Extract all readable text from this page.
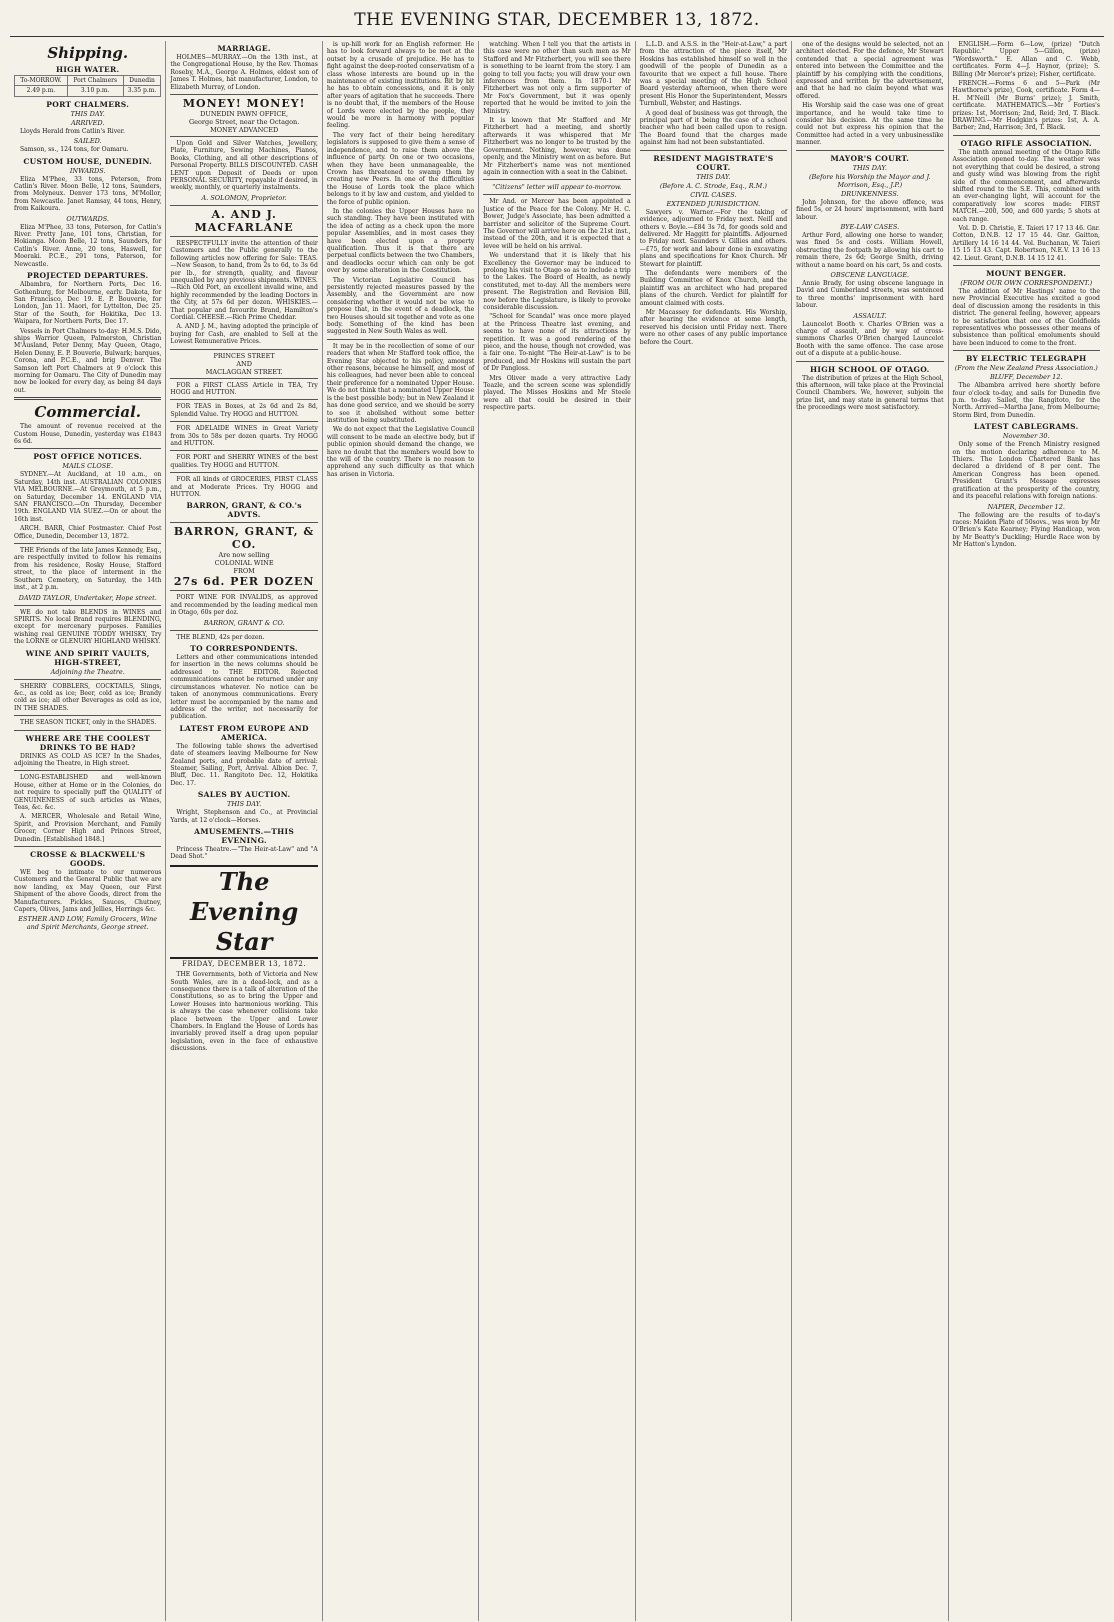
THE EVENING STAR, DECEMBER 13, 1872.
Shipping.
HIGH WATER.
To-MORROW.	Port Chalmers	Dunedin
2.49 p.m.	3.10 p.m.	3.35 p.m.
PORT CHALMERS.
THIS DAY.
ARRIVED.

Lloyds Herald from Catlin's River.

SAILED.

Samson, ss., 124 tons, for Oamaru.

CUSTOM HOUSE, DUNEDIN.
INWARDS.

Eliza M'Phee, 33 tons, Peterson, from Catlin's River. Moon Belle, 12 tons, Saunders, from Molyneux. Denver 173 tons, M'Mollor, from Newcastle. Janet Ramsay, 44 tons, Henry, from Kaikoura.

OUTWARDS.

Eliza M'Phee, 33 tons, Peterson, for Catlin's River. Pretty Jane, 101 tons, Christian, for Hokianga. Moon Belle, 12 tons, Saunders, for Catlin's River. Anne, 20 tons, Haswell, for Moeraki. P.C.E., 291 tons, Paterson, for Newcastle.

PROJECTED DEPARTURES.

Albambra, for Northern Ports, Dec 16. Gothenburg, for Melbourne, early. Dakota, for San Francisco, Dec 19. E. P. Bouverie, for London, Jan 11. Maori, for Lyttelton, Dec 25. Star of the South, for Hokitika, Dec 13. Waipara, for Northern Ports, Dec 17.

Vessels in Port Chalmers to-day: H.M.S. Dido, ships Warrior Queen, Palmerston, Christian M'Ausland, Peter Denny, May Queen, Otago, Helen Denny, E. P. Bouverie, Bulwark; barques, Corona, and P.C.E., and brig Denver. The Samson left Port Chalmers at 9 o'clock this morning for Oamaru. The City of Dunedin may now be looked for every day, as being 84 days out.

Commercial.

The amount of revenue received at the Custom House, Dunedin, yesterday was £1843 6s 6d.

POST OFFICE NOTICES.
MAILS CLOSE.

SYDNEY.—At Auckland, at 10 a.m., on Saturday, 14th inst. AUSTRALIAN COLONIES VIA MELBOURNE.—At Greymouth, at 5 p.m., on Saturday, December 14. ENGLAND VIA SAN FRANCISCO.—On Thursday, December 19th. ENGLAND VIA SUEZ.—On or about the 16th inst.

ARCH. BARR, Chief Postmaster. Chief Post Office, Dunedin, December 13, 1872.

THE Friends of the late James Kennedy, Esq., are respectfully invited to follow his remains from his residence, Rosky House, Stafford street, to the place of interment in the Southern Cemetery, on Saturday, the 14th inst., at 2 p.m.

DAVID TAYLOR, Undertaker, Hope street.

WE do not take BLENDS in WINES and SPIRITS. No local Brand requires BLENDING, except for mercenary purposes. Families wishing real GENUINE TODDY WHISKY, Try the LORNE or GLENURY HIGHLAND WHISKY.

WINE AND SPIRIT VAULTS, HIGH-STREET,
Adjoining the Theatre.

SHERRY COBBLERS, COCKTAILS, Slings, &c., as cold as ice; Beer, cold as ice; Brandy cold as ice; all other Beverages as cold as ice, IN THE SHADES.

THE SEASON TICKET, only in the SHADES.

WHERE ARE THE COOLEST DRINKS TO BE HAD?

DRINKS AS COLD AS ICE? In the Shades, adjoining the Theatre, in High street.

LONG-ESTABLISHED and well-known House, either at Home or in the Colonies, do not require to specially puff the QUALITY of GENUINENESS of such articles as Wines, Teas, &c. &c.

A. MERCER, Wholesale and Retail Wine, Spirit, and Provision Merchant, and Family Grocer, Corner High and Princes Street, Dunedin. [Established 1848.]

CROSSE & BLACKWELL'S GOODS.

WE beg to intimate to our numerous Customers and the General Public that we are now landing, ex May Queen, our First Shipment of the above Goods, direct from the Manufacturers. Pickles, Sauces, Chutney, Capers, Olives, Jams and Jellies, Herrings &c.

ESTHER AND LOW, Family Grocers, Wine and Spirit Merchants, George street.
MARRIAGE.

HOLMES—MURRAY.—On the 13th inst., at the Congregational House, by the Rev. Thomas Roseby, M.A., George A. Holmes, eldest son of James T. Holmes, hat manufacturer, London, to Elizabeth Murray, of London.

MONEY! MONEY!
DUNEDIN PAWN OFFICE,
George Street, near the Octagon.
MONEY ADVANCED

Upon Gold and Silver Watches, Jewellery, Plate, Furniture, Sewing Machines, Pianos, Books, Clothing, and all other descriptions of Personal Property. BILLS DISCOUNTED. CASH LENT upon Deposit of Deeds or upon PERSONAL SECURITY, repayable if desired, in weekly, monthly, or quarterly instalments.

A. SOLOMON, Proprietor.
A. AND J. MACFARLANE

RESPECTFULLY invite the attention of their Customers and the Public generally to the following articles now offering for Sale: TEAS.—New Season, to hand, from 2s to 6d, to 3s 6d per lb., for strength, quality, and flavour unequalled by any previous shipments. WINES.—Rich Old Port, an excellent invalid wine, and highly recommended by the leading Doctors in the City, at 57s 6d per dozen. WHISKIES.—That popular and favourite Brand, Hamilton's Cordial. CHEESE.—Rich Prime Cheddar.

A. AND J. M., having adopted the principle of buying for Cash, are enabled to Sell at the Lowest Remunerative Prices.

PRINCES STREET
AND
MACLAGGAN STREET.

FOR a FIRST CLASS Article in TEA, Try HOGG and HUTTON.

FOR TEAS in Boxes, at 2s 6d and 2s 8d, Splendid Value. Try HOGG and HUTTON.

FOR ADELAIDE WINES in Great Variety from 30s to 58s per dozen quarts. Try HOGG and HUTTON.

FOR PORT and SHERRY WINES of the best qualities. Try HOGG and HUTTON.

FOR all kinds of GROCERIES, FIRST CLASS and at Moderate Prices. Try HOGG and HUTTON.

BARRON, GRANT, & CO.'s ADVTS.
BARRON, GRANT, & CO.
Are now selling
COLONIAL WINE
FROM
27s 6d. PER DOZEN

PORT WINE FOR INVALIDS, as approved and recommended by the leading medical men in Otago, 60s per doz.

BARRON, GRANT & CO.

THE BLEND, 42s per dozen.

TO CORRESPONDENTS.

Letters and other communications intended for insertion in the news columns should be addressed to THE EDITOR. Rejected communications cannot be returned under any circumstances whatever. No notice can be taken of anonymous communications. Every letter must be accompanied by the name and address of the writer, not necessarily for publication.

LATEST FROM EUROPE AND AMERICA.

The following table shows the advertised date of steamers leaving Melbourne for New Zealand ports, and probable date of arrival: Steamer, Sailing, Port, Arrival. Albion Dec. 7, Bluff, Dec. 11. Rangitoto Dec. 12, Hokitika Dec. 17.

SALES BY AUCTION.
THIS DAY.

Wright, Stephenson and Co., at Provincial Yards, at 12 o'clock—Horses.

AMUSEMENTS.—THIS EVENING.

Princess Theatre.—"The Heir-at-Law" and "A Dead Shot."

The Evening Star
FRIDAY, DECEMBER 13, 1872.

THE Governments, both of Victoria and New South Wales, are in a dead-lock, and as a consequence there is a talk of alteration of the Constitutions, so as to bring the Upper and Lower Houses into harmonious working. This is always the case whenever collisions take place between the Upper and Lower Chambers. In England the House of Lords has invariably proved itself a drag upon popular legislation, even in the face of exhaustive discussions.

is up-hill work for an English reformer. He has to look forward always to be met at the outset by a crusade of prejudice. He has to fight against the deep-rooted conservatism of a class whose interests are bound up in the maintenance of existing institutions. Bit by bit he has to obtain concessions, and it is only after years of agitation that he succeeds. There is no doubt that, if the members of the House of Lords were elected by the people, they would be more in harmony with popular feeling.

The very fact of their being hereditary legislators is supposed to give them a sense of independence, and to raise them above the influence of party. On one or two occasions, when they have been unmanageable, the Crown has threatened to swamp them by creating new Peers. In one of the difficulties the House of Lords took the place which belongs to it by law and custom, and yielded to the force of public opinion.

In the colonies the Upper Houses have no such standing. They have been instituted with the idea of acting as a check upon the more popular Assemblies, and in most cases they have been elected upon a property qualification. Thus it is that there are perpetual conflicts between the two Chambers, and deadlocks occur which can only be got over by some alteration in the Constitution.

The Victorian Legislative Council has persistently rejected measures passed by the Assembly, and the Government are now considering whether it would not be wise to propose that, in the event of a deadlock, the two Houses should sit together and vote as one body. Something of the kind has been suggested in New South Wales as well.

It may be in the recollection of some of our readers that when Mr Stafford took office, the Evening Star objected to his policy, amongst other reasons, because he himself, and most of his colleagues, had never been able to conceal their preference for a nominated Upper House. We do not think that a nominated Upper House is the best possible body; but in New Zealand it has done good service, and we should be sorry to see it abolished without some better institution being substituted.

We do not expect that the Legislative Council will consent to be made an elective body, but if public opinion should demand the change, we have no doubt that the members would bow to the will of the country. There is no reason to apprehend any such difficulty as that which has arisen in Victoria.

watching. When I tell you that the artists in this case were no other than such men as Mr Stafford and Mr Fitzherbert, you will see there is something to be learnt from the story. I am going to tell you facts; you will draw your own inferences from them. In 1870-1 Mr Fitzherbert was not only a firm supporter of Mr Fox's Government, but it was openly reported that he would be invited to join the Ministry.

It is known that Mr Stafford and Mr Fitzherbert had a meeting, and shortly afterwards it was whispered that Mr Fitzherbert was no longer to be trusted by the Government. Nothing, however, was done openly, and the Ministry went on as before. But Mr Fitzherbert's name was not mentioned again in connection with a seat in the Cabinet.

"Citizens" letter will appear to-morrow.

Mr And. or Mercer has been appointed a Justice of the Peace for the Colony. Mr H. C. Bower, Judge's Associate, has been admitted a barrister and solicitor of the Supreme Court. The Governor will arrive here on the 21st inst., instead of the 20th, and it is expected that a levee will be held on his arrival.

We understand that it is likely that his Excellency the Governor may be induced to prolong his visit to Otago so as to include a trip to the Lakes. The Board of Health, as newly constituted, met to-day. All the members were present. The Registration and Revision Bill, now before the Legislature, is likely to provoke considerable discussion.

"School for Scandal" was once more played at the Princess Theatre last evening, and seems to have none of its attractions by repetition. It was a good rendering of the piece, and the house, though not crowded, was a fair one. To-night "The Heir-at-Law" is to be produced, and Mr Hoskins will sustain the part of Dr Pangloss.

Mrs Oliver made a very attractive Lady Teazle, and the screen scene was splendidly played. The Misses Hoskins and Mr Steele were all that could be desired in their respective parts.

L.L.D. and A.S.S. in the "Heir-at-Law," a part from the attraction of the piece itself, Mr Hoskins has established himself so well in the goodwill of the people of Dunedin as a favourite that we expect a full house. There was a special meeting of the High School Board yesterday afternoon, when there were present His Honor the Superintendent, Messrs Turnbull, Webster, and Hastings.

A good deal of business was got through, the principal part of it being the case of a school teacher who had been called upon to resign. The Board found that the charges made against him had not been substantiated.

RESIDENT MAGISTRATE'S COURT.
THIS DAY.
(Before A. C. Strode, Esq., R.M.)
CIVIL CASES.
EXTENDED JURISDICTION.

Sawyers v. Warner.—For the taking of evidence, adjourned to Friday next. Neill and others v. Boyle.—£84 3s 7d, for goods sold and delivered. Mr Haggitt for plaintiffs. Adjourned to Friday next. Saunders v. Gillies and others.—£75, for work and labour done in excavating plans and specifications for Knox Church. Mr Stewart for plaintiff.

The defendants were members of the Building Committee of Knox Church, and the plaintiff was an architect who had prepared plans of the church. Verdict for plaintiff for amount claimed with costs.

Mr Macassey for defendants. His Worship, after hearing the evidence at some length, reserved his decision until Friday next. There were no other cases of any public importance before the Court.

one of the designs would be selected, not an architect elected. For the defence, Mr Stewart contended that a special agreement was entered into between the Committee and the plaintiff by his complying with the conditions, expressed and written by the advertisement, and that he had no claim beyond what was offered.

His Worship said the case was one of great importance, and he would take time to consider his decision. At the same time he could not but express his opinion that the Committee had acted in a very unbusinesslike manner.

MAYOR'S COURT.
THIS DAY.
(Before his Worship the Mayor and J. Morrison, Esq., J.P.)
DRUNKENNESS.

John Johnson, for the above offence, was fined 5s, or 24 hours' imprisonment, with hard labour.

BYE-LAW CASES.

Arthur Ford, allowing one horse to wander, was fined 5s and costs. William Howell, obstructing the footpath by allowing his cart to remain there, 2s 6d; George Smith, driving without a name board on his cart, 5s and costs.

OBSCENE LANGUAGE.

Annie Brady, for using obscene language in David and Cumberland streets, was sentenced to three months' imprisonment with hard labour.

ASSAULT.

Launcelot Booth v. Charles O'Brien was a charge of assault, and by way of cross-summons Charles O'Brien charged Launcelot Booth with the same offence. The case arose out of a dispute at a public-house.

HIGH SCHOOL OF OTAGO.

The distribution of prizes at the High School, this afternoon, will take place at the Provincial Council Chambers. We, however, subjoin the prize list, and may state in general terms that the proceedings were most satisfactory.

ENGLISH.—Form 6—Low, (prize) "Dutch Republic." Upper 5—Gillon, (prize) "Wordsworth." E. Allan and C. Webb, certificates. Form 4—J. Haynor, (prize); S. Billing (Mr Mercer's prize); Fisher, certificate.

FRENCH.—Forms 6 and 5—Park (Mr Hawthorne's prize), Cook, certificate. Form 4—H. M'Neill (Mr Burns' prize); J. Smith, certificate. MATHEMATICS.—Mr Forties's prizes: 1st, Morrison; 2nd, Reid; 3rd, T. Black. DRAWING.—Mr Hodgkin's prizes: 1st, A. A. Barber; 2nd, Harrison; 3rd, T. Black.

OTAGO RIFLE ASSOCIATION.

The ninth annual meeting of the Otago Rifle Association opened to-day. The weather was not everything that could be desired, a strong and gusty wind was blowing from the right side of the commencement, and afterwards shifted round to the S.E. This, combined with an ever-changing light, will account for the comparatively low scores made: FIRST MATCH.—200, 500, and 600 yards; 5 shots at each range.

Vol. D. D. Christie, E. Taieri 17 17 13 46. Gnr. Cotton, D.N.B. 12 17 15 44. Gnr. Gaitton, Artillery 14 16 14 44. Vol. Buchanan, W. Taieri 15 15 13 43. Capt. Robertson, N.E.V. 13 16 13 42. Lieut. Grant, D.N.B. 14 15 12 41.

MOUNT BENGER.
(FROM OUR OWN CORRESPONDENT.)

The addition of Mr Hastings' name to the new Provincial Executive has excited a good deal of discussion among the residents in this district. The general feeling, however, appears to be satisfaction that one of the Goldfields representatives who possesses other means of subsistence than political emoluments should have been induced to come to the front.

BY ELECTRIC TELEGRAPH
(From the New Zealand Press Association.)
BLUFF, December 12.

The Albambra arrived here shortly before four o'clock to-day, and sails for Dunedin five p.m. to-day. Sailed, the Rangitoto, for the North. Arrived—Martha Jane, from Melbourne; Storm Bird, from Dunedin.

LATEST CABLEGRAMS.
November 30.

Only some of the French Ministry resigned on the motion declaring adherence to M. Thiers. The London Chartered Bank has declared a dividend of 8 per cent. The American Congress has been opened. President Grant's Message expresses gratification at the prosperity of the country, and its peaceful relations with foreign nations.

NAPIER, December 12.

The following are the results of to-day's races: Maiden Plate of 50sovs., was won by Mr O'Brien's Kate Kearney; Flying Handicap, won by Mr Beatty's Duckling; Hurdle Race won by Mr Hatton's Lyndon.
